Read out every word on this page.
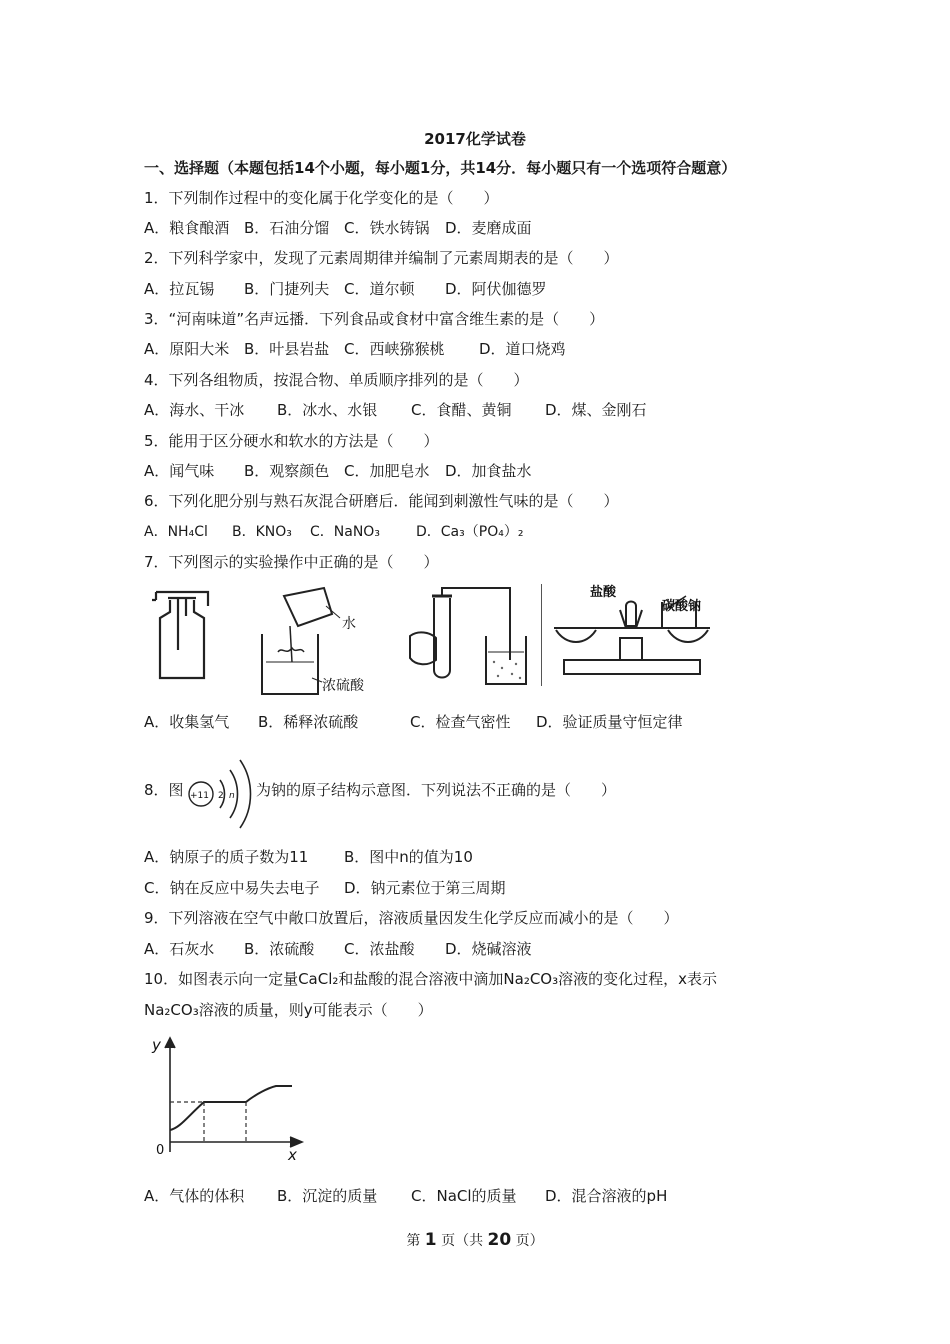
2017化学试卷
一、选择题（本题包括14个小题，每小题1分，共14分．每小题只有一个选项符合题意）
1．下列制作过程中的变化属于化学变化的是（　　）
A．粮食酿酒 B．石油分馏 C．铁水铸锅 D．麦磨成面
2．下列科学家中，发现了元素周期律并编制了元素周期表的是（　　）
A．拉瓦锡 B．门捷列夫 C．道尔顿 D．阿伏伽德罗
3．“河南味道”名声远播．下列食品或食材中富含维生素的是（　　）
A．原阳大米 B．叶县岩盐 C．西峡猕猴桃 D．道口烧鸡
4．下列各组物质，按混合物、单质顺序排列的是（　　）
A．海水、干冰 B．冰水、水银 C．食醋、黄铜 D．煤、金刚石
5．能用于区分硬水和软水的方法是（　　）
A．闻气味 B．观察颜色 C．加肥皂水 D．加食盐水
6．下列化肥分别与熟石灰混合研磨后．能闻到刺激性气味的是（　　）
A．NH₄Cl B．KNO₃ C．NaNO₃	D．Ca₃（PO₄）₂
7．下列图示的实验操作中正确的是（　　）
水
浓硫酸
盐酸
碳酸钠
A．收集氢气 B．稀释浓硫酸	C．检查气密性 D．验证质量守恒定律
8．图 +11 2 n 为钠的原子结构示意图．下列说法不正确的是（　　）
A．钠原子的质子数为11 B．图中n的值为10
C．钠在反应中易失去电子 D．钠元素位于第三周期
9．下列溶液在空气中敞口放置后，溶液质量因发生化学反应而减小的是（　　）
A．石灰水 B．浓硫酸 C．浓盐酸 D．烧碱溶液
10．如图表示向一定量CaCl₂和盐酸的混合溶液中滴加Na₂CO₃溶液的变化过程，x表示
Na₂CO₃溶液的质量，则y可能表示（　　）
y
x
0
A．气体的体积 B．沉淀的质量 C．NaCl的质量 D．混合溶液的pH
第 1 页（共 20 页）
